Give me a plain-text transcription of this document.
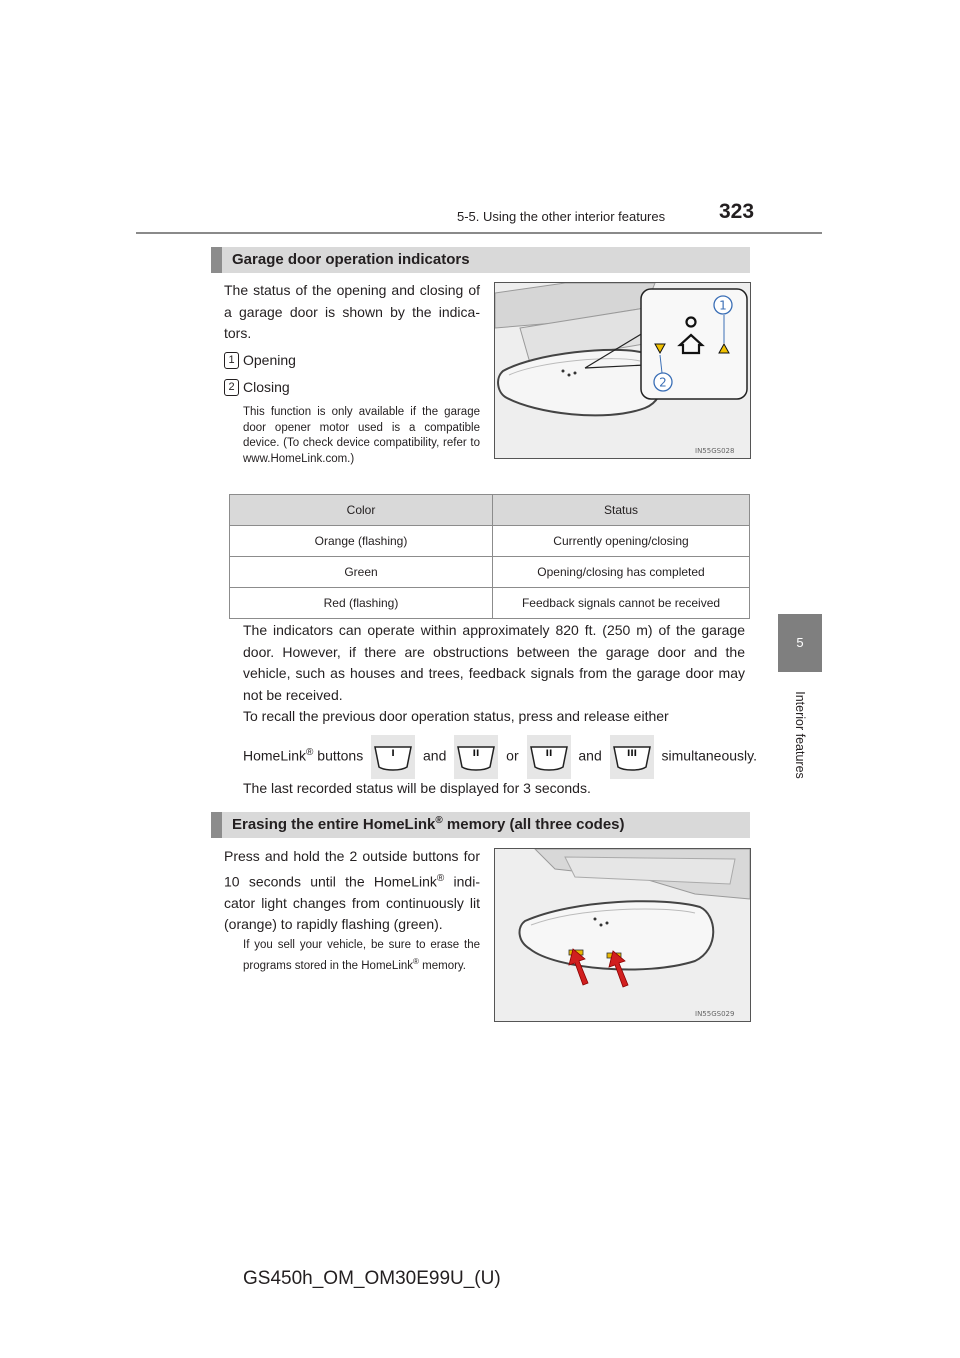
5-5. Using the other interior features	323
5
Interior features
Garage door operation indicators
The status of the opening and closing of a garage door is shown by the indica-tors.
1 Opening
2 Closing
This function is only available if the garage door opener motor used is a compatible device. (To check device compatibility, refer to www.HomeLink.com.)
1
2
IN55GS028
Color	Status
Orange (flashing)	Currently opening/closing
Green	Opening/closing has completed
Red (flashing)	Feedback signals cannot be received
The indicators can operate within approximately 820 ft. (250 m) of the garage door. However, if there are obstructions between the garage door and the vehicle, such as houses and trees, feedback signals from the garage door may not be received.
To recall the previous door operation status, press and release either
HomeLink® buttons	I and	II or	II and	III simultaneously.
The last recorded status will be displayed for 3 seconds.
Erasing the entire HomeLink® memory (all three codes)
Press and hold the 2 outside buttons for 10 seconds until the HomeLink® indi-cator light changes from continuously lit (orange) to rapidly flashing (green).
If you sell your vehicle, be sure to erase the programs stored in the HomeLink® memory.
IN55GS029
GS450h_OM_OM30E99U_(U)
